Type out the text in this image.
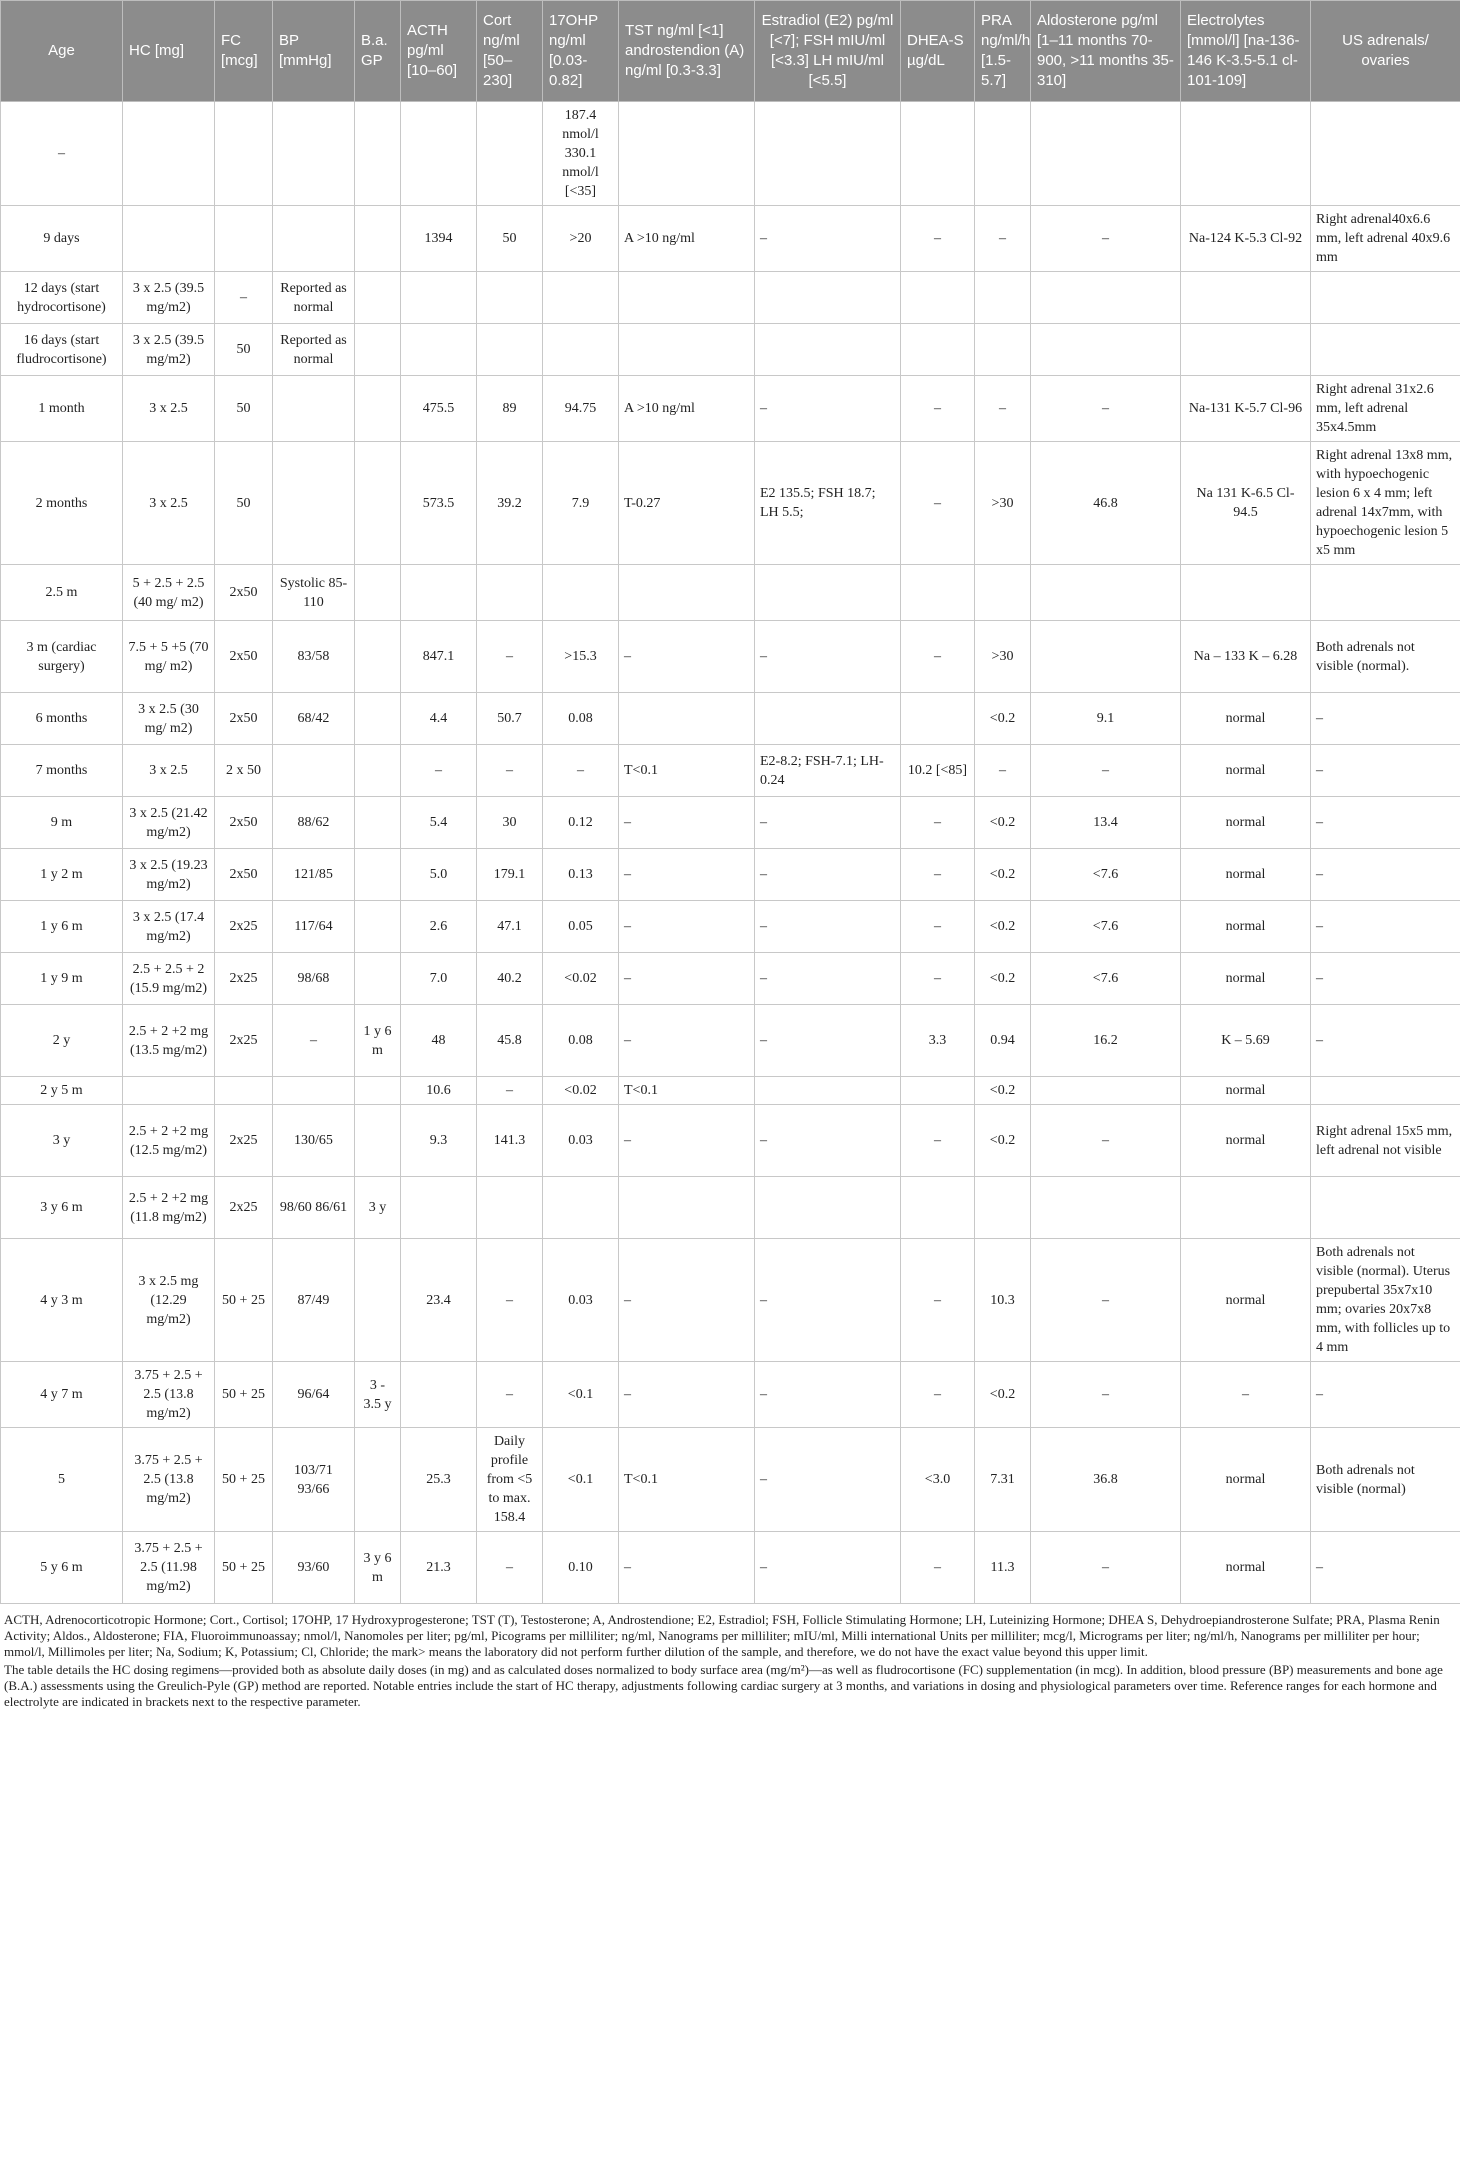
Age	HC [mg]	FC [mcg]	BP [mmHg]	B.a. GP	ACTH pg/ml [10–60]	Cort ng/ml [50–230]	17OHP ng/ml [0.03-0.82]	TST ng/ml [<1] androstendion (A) ng/ml [0.3-3.3]	Estradiol (E2) pg/ml [<7]; FSH mIU/ml [<3.3] LH mIU/ml [<5.5]	DHEA-S µg/dL	PRA ng/ml/h [1.5-5.7]	Aldosterone pg/ml [1–11 months 70-900, >11 months 35-310]	Electrolytes [mmol/l] [na-136-146 K-3.5-5.1 cl-101-109]	US adrenals/ ovaries
–							187.4 nmol/l 330.1 nmol/l [<35]							
9 days					1394	50	>20	A >10 ng/ml	–	–	–	–	Na-124 K-5.3 Cl-92	Right adrenal40x6.6 mm, left adrenal 40x9.6 mm
12 days (start hydrocortisone)	3 x 2.5 (39.5 mg/m2)	–	Reported as normal											
16 days (start fludrocortisone)	3 x 2.5 (39.5 mg/m2)	50	Reported as normal											
1 month	3 x 2.5	50			475.5	89	94.75	A >10 ng/ml	–	–	–	–	Na-131 K-5.7 Cl-96	Right adrenal 31x2.6 mm, left adrenal 35x4.5mm
2 months	3 x 2.5	50			573.5	39.2	7.9	T-0.27	E2 135.5; FSH 18.7; LH 5.5;	–	>30	46.8	Na 131 K-6.5 Cl-94.5	Right adrenal 13x8 mm, with hypoechogenic lesion 6 x 4 mm; left adrenal 14x7mm, with hypoechogenic lesion 5 x5 mm
2.5 m	5 + 2.5 + 2.5 (40 mg/ m2)	2x50	Systolic 85-110											
3 m (cardiac surgery)	7.5 + 5 +5 (70 mg/ m2)	2x50	83/58		847.1	–	>15.3	–	–	–	>30		Na – 133 K – 6.28	Both adrenals not visible (normal).
6 months	3 x 2.5 (30 mg/ m2)	2x50	68/42		4.4	50.7	0.08				<0.2	9.1	normal	–
7 months	3 x 2.5	2 x 50			–	–	–	T<0.1	E2-8.2; FSH-7.1; LH-0.24	10.2 [<85]	–	–	normal	–
9 m	3 x 2.5 (21.42 mg/m2)	2x50	88/62		5.4	30	0.12	–	–	–	<0.2	13.4	normal	–
1 y 2 m	3 x 2.5 (19.23 mg/m2)	2x50	121/85		5.0	179.1	0.13	–	–	–	<0.2	<7.6	normal	–
1 y 6 m	3 x 2.5 (17.4 mg/m2)	2x25	117/64		2.6	47.1	0.05	–	–	–	<0.2	<7.6	normal	–
1 y 9 m	2.5 + 2.5 + 2 (15.9 mg/m2)	2x25	98/68		7.0	40.2	<0.02	–	–	–	<0.2	<7.6	normal	–
2 y	2.5 + 2 +2 mg (13.5 mg/m2)	2x25	–	1 y 6 m	48	45.8	0.08	–	–	3.3	0.94	16.2	K – 5.69	–
2 y 5 m					10.6	–	<0.02	T<0.1			<0.2		normal	
3 y	2.5 + 2 +2 mg (12.5 mg/m2)	2x25	130/65		9.3	141.3	0.03	–	–	–	<0.2	–	normal	Right adrenal 15x5 mm, left adrenal not visible
3 y 6 m	2.5 + 2 +2 mg (11.8 mg/m2)	2x25	98/60 86/61	3 y										
4 y 3 m	3 x 2.5 mg (12.29 mg/m2)	50 + 25	87/49		23.4	–	0.03	–	–	–	10.3	–	normal	Both adrenals not visible (normal). Uterus prepubertal 35x7x10 mm; ovaries 20x7x8 mm, with follicles up to 4 mm
4 y 7 m	3.75 + 2.5 + 2.5 (13.8 mg/m2)	50 + 25	96/64	3 - 3.5 y		–	<0.1	–	–	–	<0.2	–	–	–
5	3.75 + 2.5 + 2.5 (13.8 mg/m2)	50 + 25	103/71 93/66		25.3	Daily profile from <5 to max. 158.4	<0.1	T<0.1	–	<3.0	7.31	36.8	normal	Both adrenals not visible (normal)
5 y 6 m	3.75 + 2.5 + 2.5 (11.98 mg/m2)	50 + 25	93/60	3 y 6 m	21.3	–	0.10	–	–	–	11.3	–	normal	–

ACTH, Adrenocorticotropic Hormone; Cort., Cortisol; 17OHP, 17 Hydroxyprogesterone; TST (T), Testosterone; A, Androstendione; E2, Estradiol; FSH, Follicle Stimulating Hormone; LH, Luteinizing Hormone; DHEA S, Dehydroepiandrosterone Sulfate; PRA, Plasma Renin Activity; Aldos., Aldosterone; FIA, Fluoroimmunoassay; nmol/l, Nanomoles per liter; pg/ml, Picograms per milliliter; ng/ml, Nanograms per milliliter; mIU/ml, Milli international Units per milliliter; mcg/l, Micrograms per liter; ng/ml/h, Nanograms per milliliter per hour; mmol/l, Millimoles per liter; Na, Sodium; K, Potassium; Cl, Chloride; the mark> means the laboratory did not perform further dilution of the sample, and therefore, we do not have the exact value beyond this upper limit.

The table details the HC dosing regimens—provided both as absolute daily doses (in mg) and as calculated doses normalized to body surface area (mg/m²)—as well as fludrocortisone (FC) supplementation (in mcg). In addition, blood pressure (BP) measurements and bone age (B.A.) assessments using the Greulich-Pyle (GP) method are reported. Notable entries include the start of HC therapy, adjustments following cardiac surgery at 3 months, and variations in dosing and physiological parameters over time. Reference ranges for each hormone and electrolyte are indicated in brackets next to the respective parameter.
